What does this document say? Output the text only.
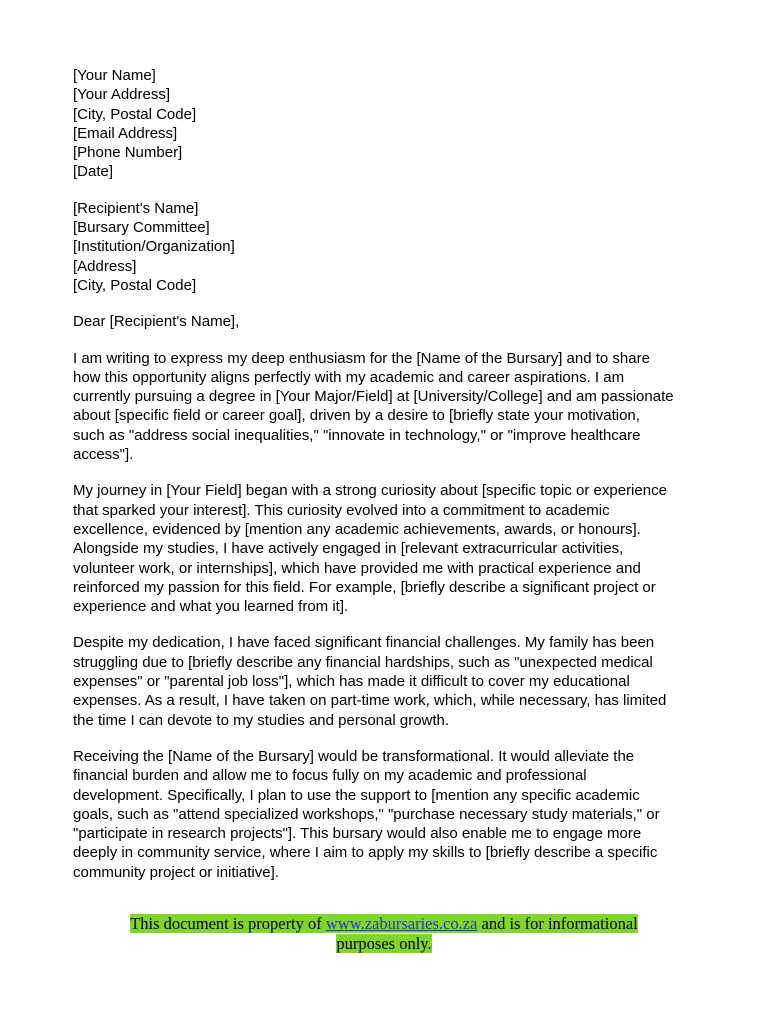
[Your Name]
[Your Address]
[City, Postal Code]
[Email Address]
[Phone Number]
[Date]
[Recipient's Name]
[Bursary Committee]
[Institution/Organization]
[Address]
[City, Postal Code]

Dear [Recipient's Name],

I am writing to express my deep enthusiasm for the [Name of the Bursary] and to share
how this opportunity aligns perfectly with my academic and career aspirations. I am
currently pursuing a degree in [Your Major/Field] at [University/College] and am passionate
about [specific field or career goal], driven by a desire to [briefly state your motivation,
such as "address social inequalities," "innovate in technology," or "improve healthcare
access"].

My journey in [Your Field] began with a strong curiosity about [specific topic or experience
that sparked your interest]. This curiosity evolved into a commitment to academic
excellence, evidenced by [mention any academic achievements, awards, or honours].
Alongside my studies, I have actively engaged in [relevant extracurricular activities,
volunteer work, or internships], which have provided me with practical experience and
reinforced my passion for this field. For example, [briefly describe a significant project or
experience and what you learned from it].

Despite my dedication, I have faced significant financial challenges. My family has been
struggling due to [briefly describe any financial hardships, such as "unexpected medical
expenses" or "parental job loss"], which has made it difficult to cover my educational
expenses. As a result, I have taken on part-time work, which, while necessary, has limited
the time I can devote to my studies and personal growth.

Receiving the [Name of the Bursary] would be transformational. It would alleviate the
financial burden and allow me to focus fully on my academic and professional
development. Specifically, I plan to use the support to [mention any specific academic
goals, such as "attend specialized workshops," "purchase necessary study materials," or
"participate in research projects"]. This bursary would also enable me to engage more
deeply in community service, where I aim to apply my skills to [briefly describe a specific
community project or initiative].

This document is property of www.zabursaries.co.za and is for informational
purposes only.
